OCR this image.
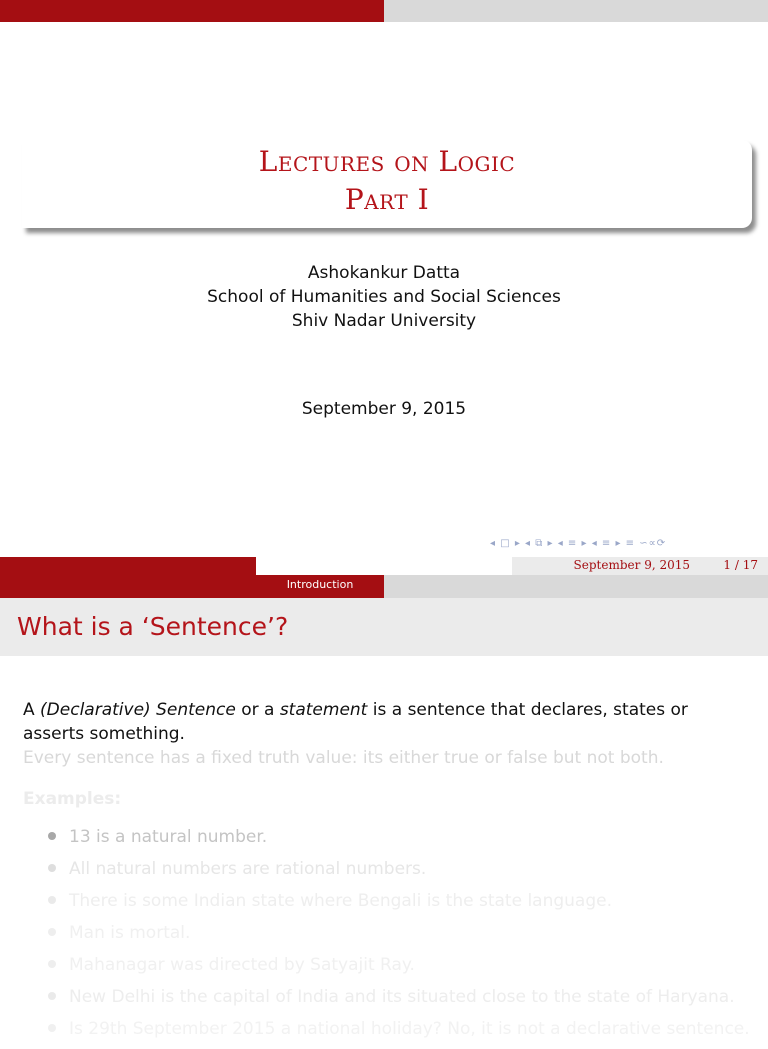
Lectures on Logic
Part I
Ashokankur Datta
School of Humanities and Social Sciences
Shiv Nadar University
September 9, 2015
◂ □ ▸ ◂ ⧉ ▸ ◂ ≡ ▸ ◂ ≡ ▸ ≡ ∽∝⟳
September 9, 2015	1 / 17
Introduction
What is a ‘Sentence’?

A (Declarative) Sentence or a statement is a sentence that declares, states or asserts something.

Every sentence has a fixed truth value: its either true or false but not both.
Examples:
13 is a natural number.
All natural numbers are rational numbers.
There is some Indian state where Bengali is the state language.
Man is mortal.
Mahanagar was directed by Satyajit Ray.
New Delhi is the capital of India and its situated close to the state of Haryana.
Is 29th September 2015 a national holiday? No, it is not a declarative sentence.
